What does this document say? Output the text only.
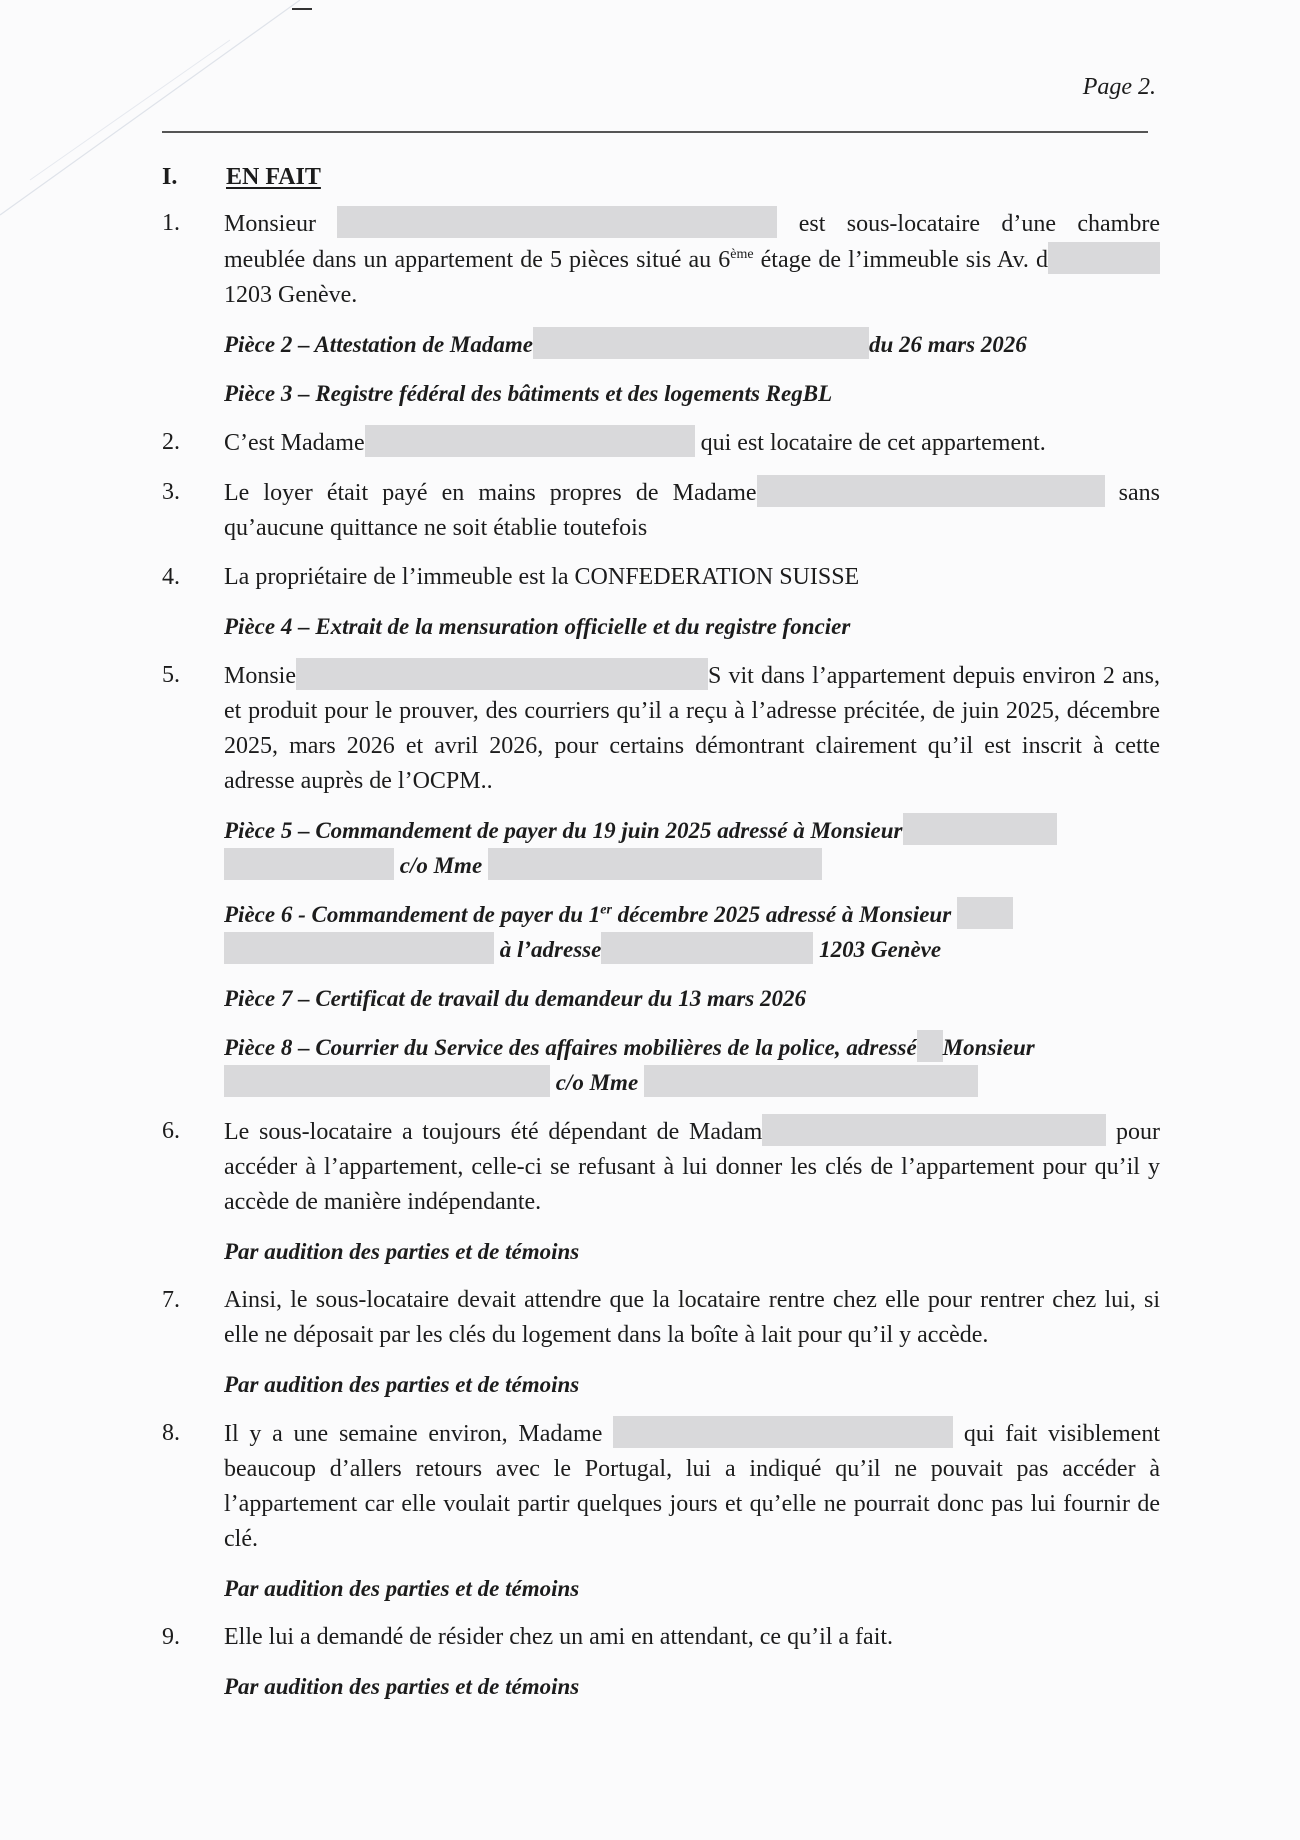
Page 2.
I. EN FAIT
1. Monsieur	est sous-locataire d’une chambre meublée dans un appartement de 5 pièces situé au 6ème étage de l’immeuble sis Av. d 1203 Genève.
Pièce 2 – Attestation de Madame	du 26 mars 2026
Pièce 3 – Registre fédéral des bâtiments et des logements RegBL
2. C’est Madame	qui est locataire de cet appartement.
3. Le loyer était payé en mains propres de Madame	sans qu’aucune quittance ne soit établie toutefois
4. La propriétaire de l’immeuble est la CONFEDERATION SUISSE
Pièce 4 – Extrait de la mensuration officielle et du registre foncier
5. Monsie	S vit dans l’appartement depuis environ 2 ans, et produit pour le prouver, des courriers qu’il a reçu à l’adresse précitée, de juin 2025, décembre 2025, mars 2026 et avril 2026, pour certains démontrant clairement qu’il est inscrit à cette adresse auprès de l’OCPM..
Pièce 5 – Commandement de payer du 19 juin 2025 adressé à Monsieur
c/o Mme
Pièce 6 - Commandement de payer du 1er décembre 2025 adressé à Monsieur
à l’adresse	1203 Genève
Pièce 7 – Certificat de travail du demandeur du 13 mars 2026
Pièce 8 – Courrier du Service des affaires mobilières de la police, adressé Monsieur
c/o Mme
6. Le sous-locataire a toujours été dépendant de Madam	pour accéder à l’appartement, celle-ci se refusant à lui donner les clés de l’appartement pour qu’il y accède de manière indépendante.
Par audition des parties et de témoins
7. Ainsi, le sous-locataire devait attendre que la locataire rentre chez elle pour rentrer chez lui, si elle ne déposait par les clés du logement dans la boîte à lait pour qu’il y accède.
Par audition des parties et de témoins
8. Il y a une semaine environ, Madame	qui fait visiblement beaucoup d’allers retours avec le Portugal, lui a indiqué qu’il ne pouvait pas accéder à l’appartement car elle voulait partir quelques jours et qu’elle ne pourrait donc pas lui fournir de clé.
Par audition des parties et de témoins
9. Elle lui a demandé de résider chez un ami en attendant, ce qu’il a fait.
Par audition des parties et de témoins
